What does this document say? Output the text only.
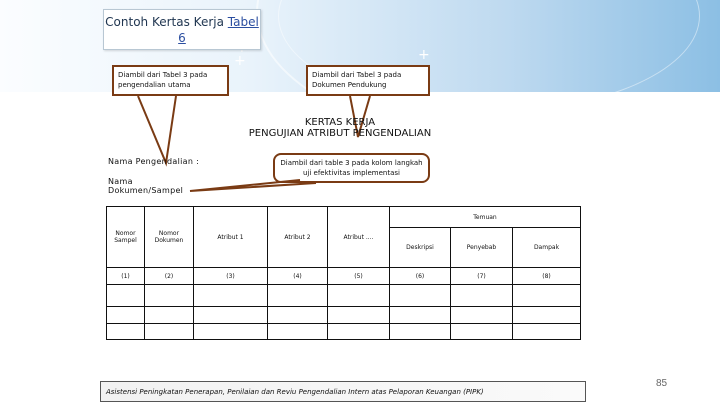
+	+
Contoh Kertas Kerja Tabel
6
Diambil dari Tabel 3 pada pengendalian utama
Diambil dari Tabel 3 pada Dokumen Pendukung
Diambil dari table 3 pada kolom langkah uji efektivitas implementasi
KERTAS KERJA
PENGUJIAN ATRIBUT PENGENDALIAN
Nama Pengendalian :
Nama
Dokumen/Sampel
Nomor Sampel	Nomor Dokumen	Atribut 1	Atribut 2	Atribut ....	Temuan		
					Deskripsi	Penyebab	Dampak
(1)	(2)	(3)	(4)	(5)	(6)	(7)	(8)

Asistensi Peningkatan Penerapan, Penilaian dan Reviu Pengendalian Intern atas Pelaporan Keuangan (PIPK)
85
